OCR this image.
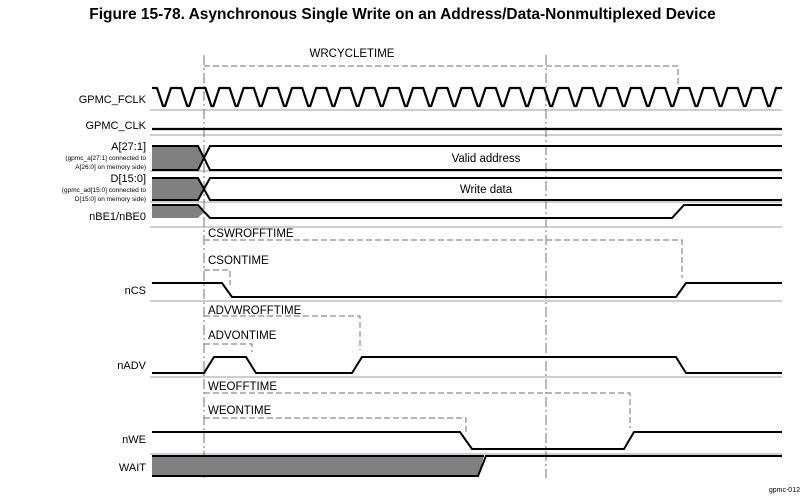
Figure 15-78. Asynchronous Single Write on an Address/Data-Nonmultiplexed Device
GPMC_FCLK
GPMC_CLK
A[27:1]
(gpmc_a[27:1] connected to
A[26:0] on memory side)
D[15:0]
(gpmc_ad[15:0] connected to
D[15:0] on memory side)
nBE1/nBE0
nCS
nADV
nWE
WAIT
Valid address
Write data
WRCYCLETIME
CSWROFFTIME
CSONTIME
ADVWROFFTIME
ADVONTIME
WEOFFTIME
WEONTIME
gpmc-012
